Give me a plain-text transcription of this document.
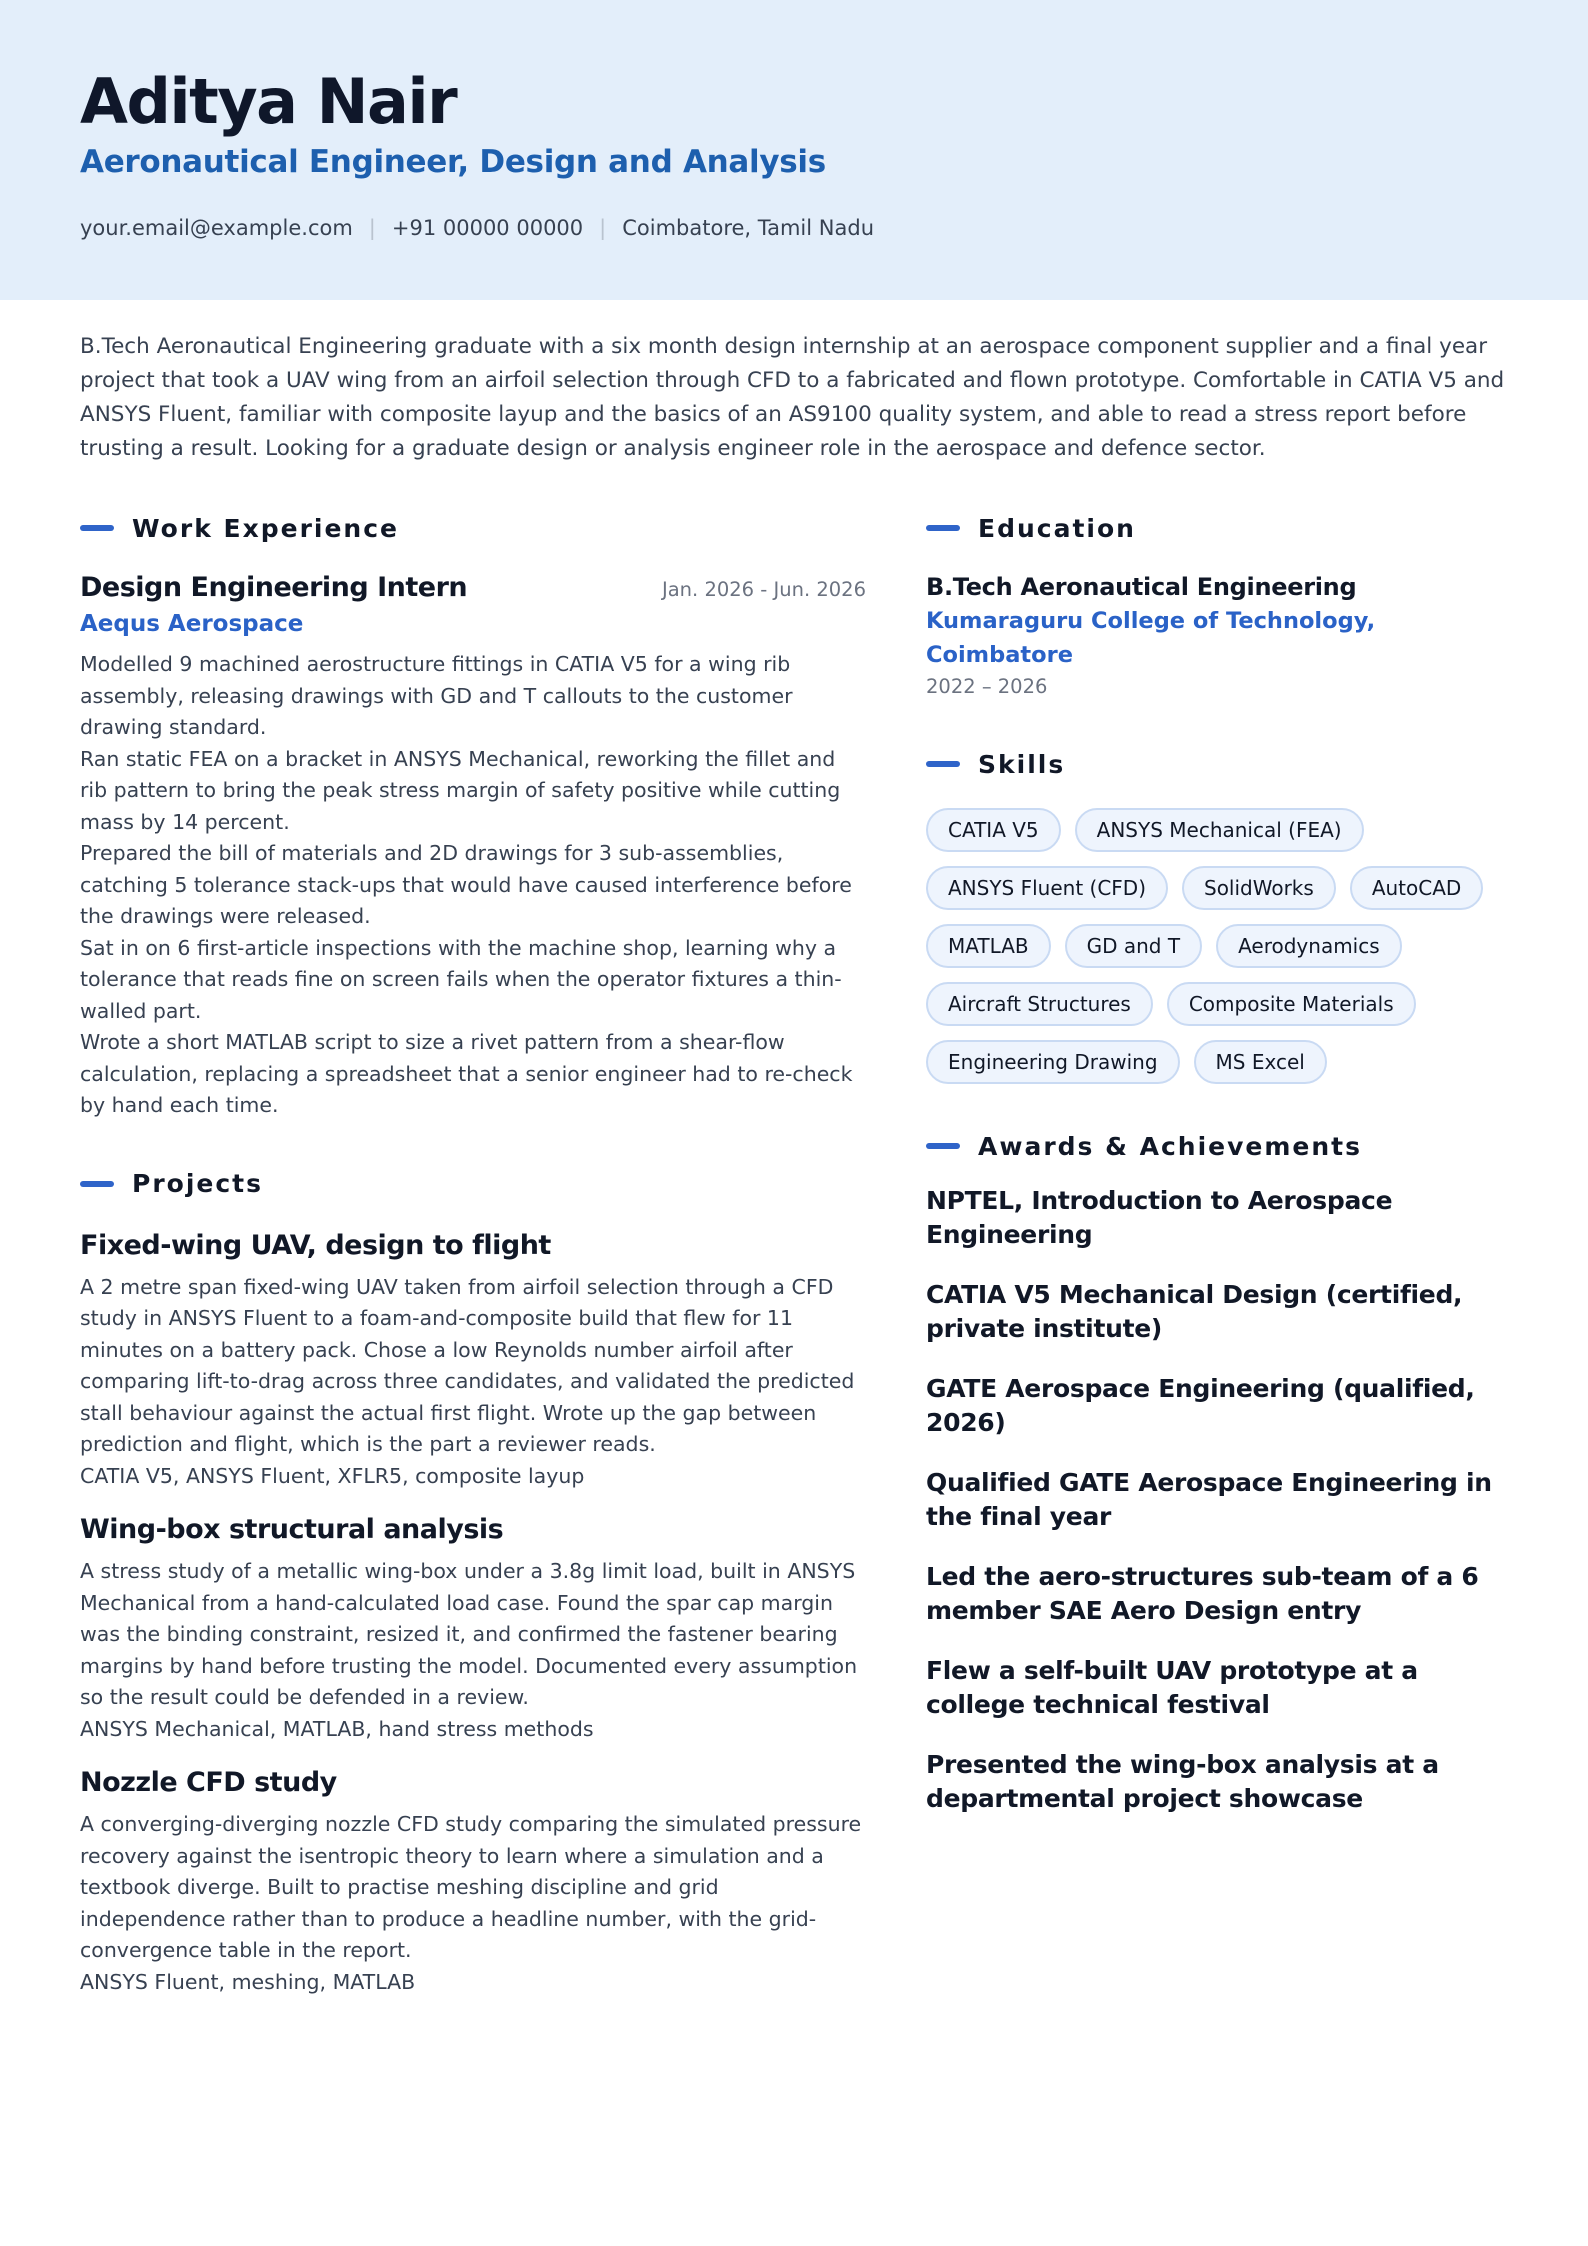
Aditya Nair
Aeronautical Engineer, Design and Analysis
your.email@example.com | +91 00000 00000 | Coimbatore, Tamil Nadu
B.Tech Aeronautical Engineering graduate with a six month design internship at an aerospace component supplier and a final year project that took a UAV wing from an airfoil selection through CFD to a fabricated and flown prototype. Comfortable in CATIA V5 and ANSYS Fluent, familiar with composite layup and the basics of an AS9100 quality system, and able to read a stress report before trusting a result. Looking for a graduate design or analysis engineer role in the aerospace and defence sector.
Work Experience
Design Engineering Intern	Jan. 2026 - Jun. 2026
Aequs Aerospace
Modelled 9 machined aerostructure fittings in CATIA V5 for a wing rib assembly, releasing drawings with GD and T callouts to the customer drawing standard.
Ran static FEA on a bracket in ANSYS Mechanical, reworking the fillet and rib pattern to bring the peak stress margin of safety positive while cutting mass by 14 percent.
Prepared the bill of materials and 2D drawings for 3 sub-assemblies, catching 5 tolerance stack-ups that would have caused interference before the drawings were released.
Sat in on 6 first-article inspections with the machine shop, learning why a tolerance that reads fine on screen fails when the operator fixtures a thin-walled part.
Wrote a short MATLAB script to size a rivet pattern from a shear-flow calculation, replacing a spreadsheet that a senior engineer had to re-check by hand each time.
Projects
Fixed-wing UAV, design to flight
A 2 metre span fixed-wing UAV taken from airfoil selection through a CFD study in ANSYS Fluent to a foam-and-composite build that flew for 11 minutes on a battery pack. Chose a low Reynolds number airfoil after comparing lift-to-drag across three candidates, and validated the predicted stall behaviour against the actual first flight. Wrote up the gap between prediction and flight, which is the part a reviewer reads.
CATIA V5, ANSYS Fluent, XFLR5, composite layup
Wing-box structural analysis
A stress study of a metallic wing-box under a 3.8g limit load, built in ANSYS Mechanical from a hand-calculated load case. Found the spar cap margin was the binding constraint, resized it, and confirmed the fastener bearing margins by hand before trusting the model. Documented every assumption so the result could be defended in a review.
ANSYS Mechanical, MATLAB, hand stress methods
Nozzle CFD study
A converging-diverging nozzle CFD study comparing the simulated pressure recovery against the isentropic theory to learn where a simulation and a textbook diverge. Built to practise meshing discipline and grid independence rather than to produce a headline number, with the grid-convergence table in the report.
ANSYS Fluent, meshing, MATLAB
Education
B.Tech Aeronautical Engineering
Kumaraguru College of Technology, Coimbatore
2022 – 2026
Skills
CATIA V5	ANSYS Mechanical (FEA)
ANSYS Fluent (CFD)	SolidWorks	AutoCAD
MATLAB	GD and T	Aerodynamics
Aircraft Structures	Composite Materials
Engineering Drawing	MS Excel
Awards & Achievements
NPTEL, Introduction to Aerospace Engineering
CATIA V5 Mechanical Design (certified, private institute)
GATE Aerospace Engineering (qualified, 2026)
Qualified GATE Aerospace Engineering in the final year
Led the aero-structures sub-team of a 6 member SAE Aero Design entry
Flew a self-built UAV prototype at a college technical festival
Presented the wing-box analysis at a departmental project showcase
